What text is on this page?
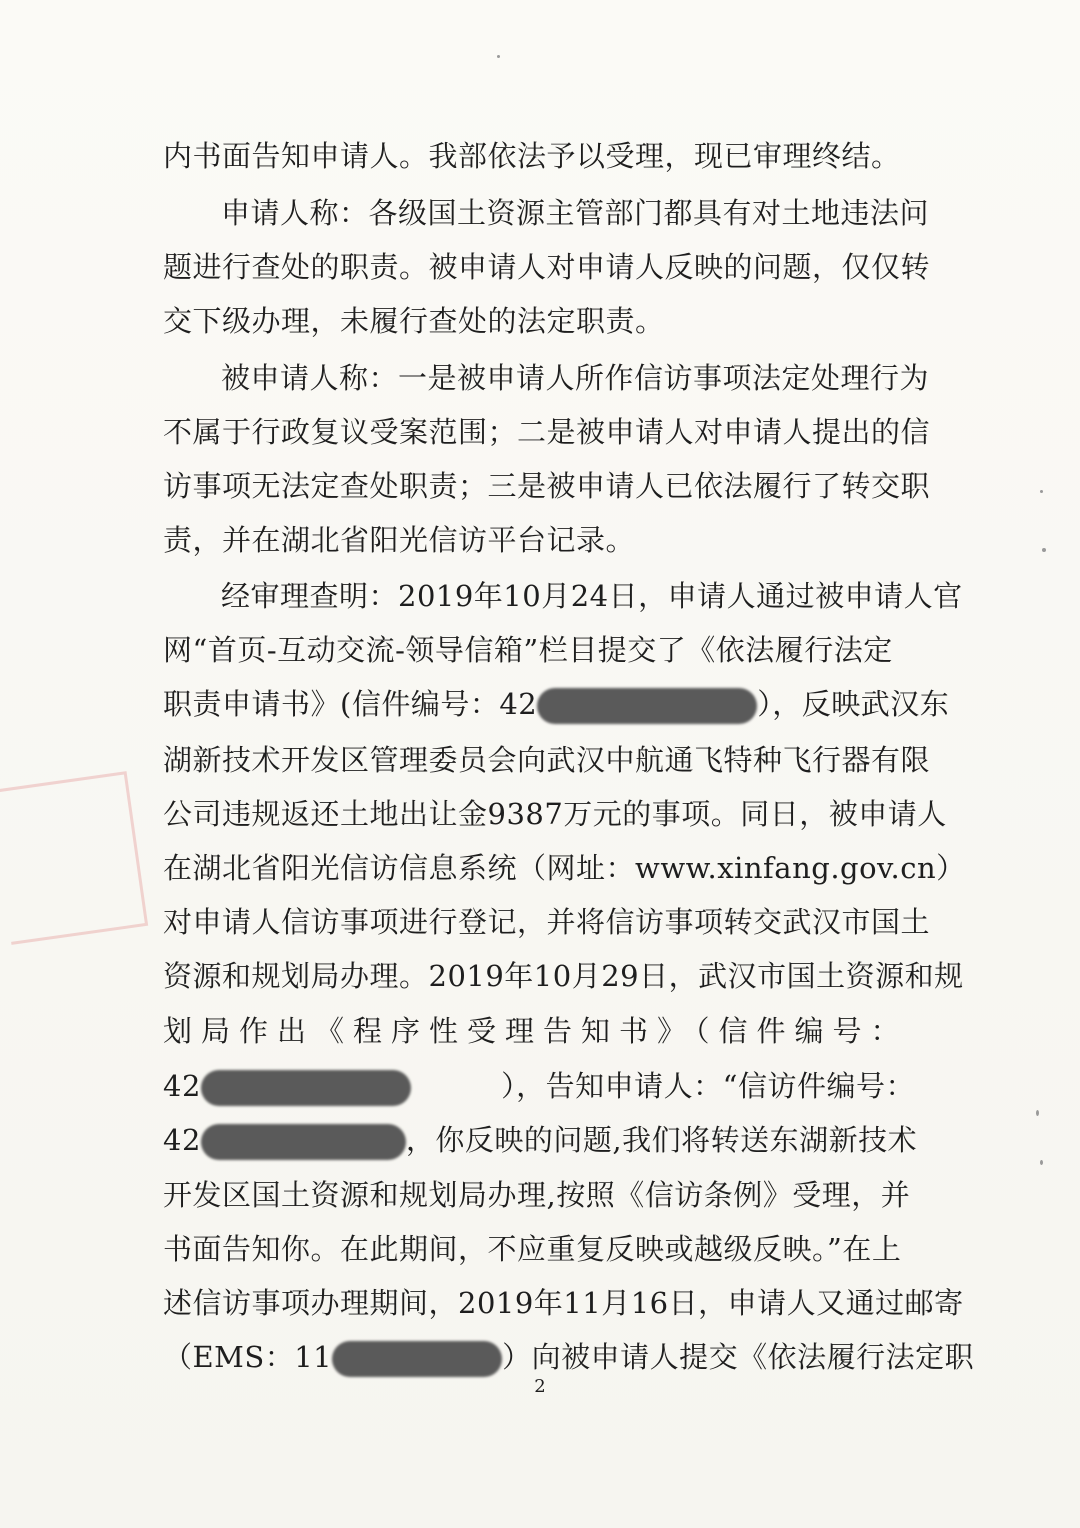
内书面告知申请人。我部依法予以受理，现已审理终结。
申请人称：各级国土资源主管部门都具有对土地违法问
题进行查处的职责。被申请人对申请人反映的问题，仅仅转
交下级办理，未履行查处的法定职责。
被申请人称：一是被申请人所作信访事项法定处理行为
不属于行政复议受案范围；二是被申请人对申请人提出的信
访事项无法定查处职责；三是被申请人已依法履行了转交职
责，并在湖北省阳光信访平台记录。
经审理查明：2019年10月24日，申请人通过被申请人官
网“首页-互动交流-领导信箱”栏目提交了《依法履行法定
职责申请书》(信件编号：42	），反映武汉东
湖新技术开发区管理委员会向武汉中航通飞特种飞行器有限
公司违规返还土地出让金9387万元的事项。同日，被申请人
在湖北省阳光信访信息系统（网址：www.xinfang.gov.cn）
对申请人信访事项进行登记，并将信访事项转交武汉市国土
资源和规划局办理。2019年10月29日，武汉市国土资源和规
划局作出《程序性受理告知书》（信件编号：
42	），告知申请人：“信访件编号：
42	，你反映的问题,我们将转送东湖新技术
开发区国土资源和规划局办理,按照《信访条例》受理，并
书面告知你。在此期间，不应重复反映或越级反映。”在上
述信访事项办理期间，2019年11月16日，申请人又通过邮寄
（EMS：11	）向被申请人提交《依法履行法定职
2
